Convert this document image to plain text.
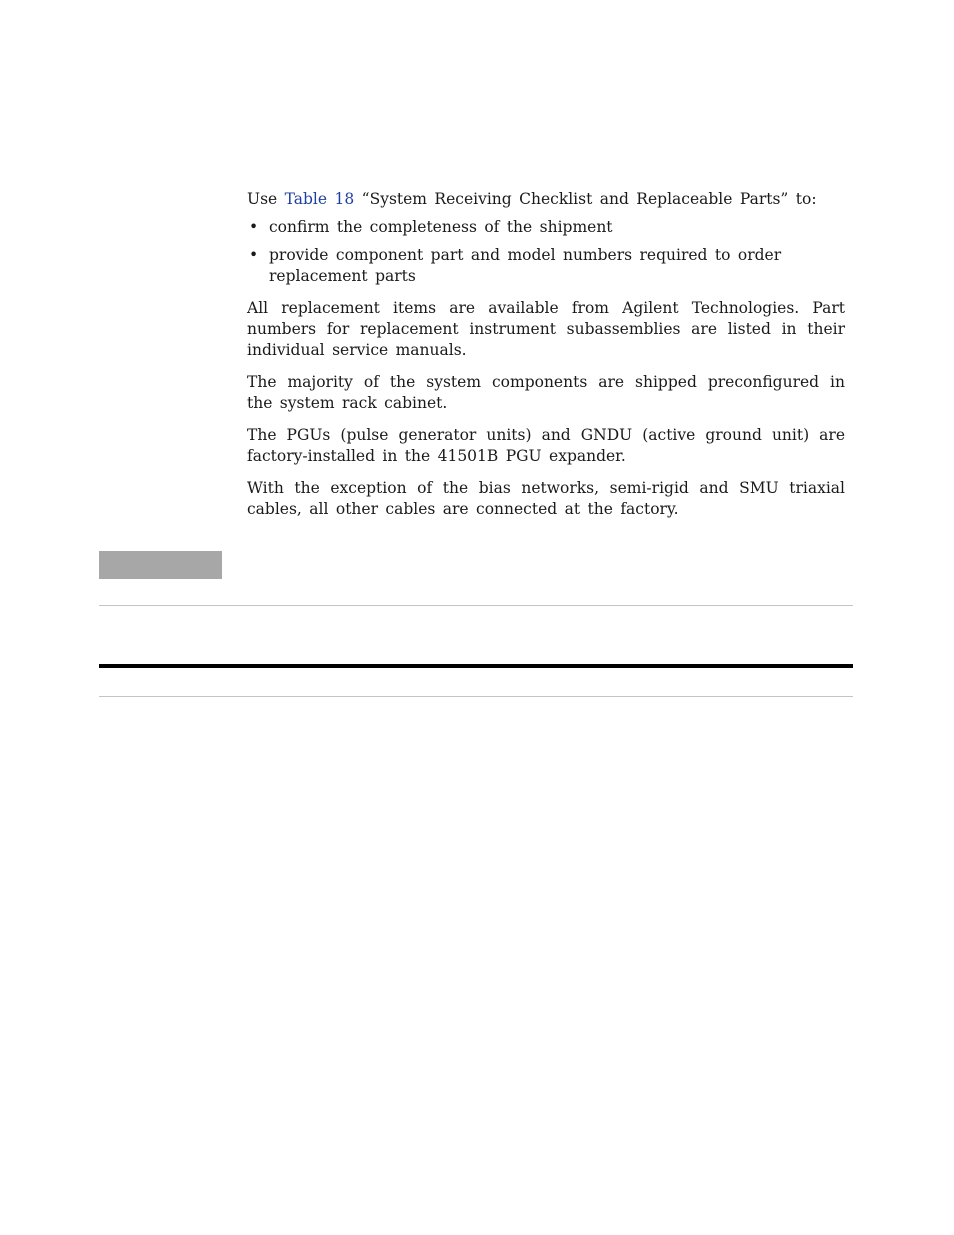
Use Table 18 “System Receiving Checklist and Replaceable Parts” to:

• confirm the completeness of the shipment
• provide component part and model numbers required to order replacement parts

All replacement items are available from Agilent Technologies. Part numbers for replacement instrument subassemblies are listed in their individual service manuals.

The majority of the system components are shipped preconfigured in the system rack cabinet.

The PGUs (pulse generator units) and GNDU (active ground unit) are factory-installed in the 41501B PGU expander.

With the exception of the bias networks, semi-rigid and SMU triaxial cables, all other cables are connected at the factory.
